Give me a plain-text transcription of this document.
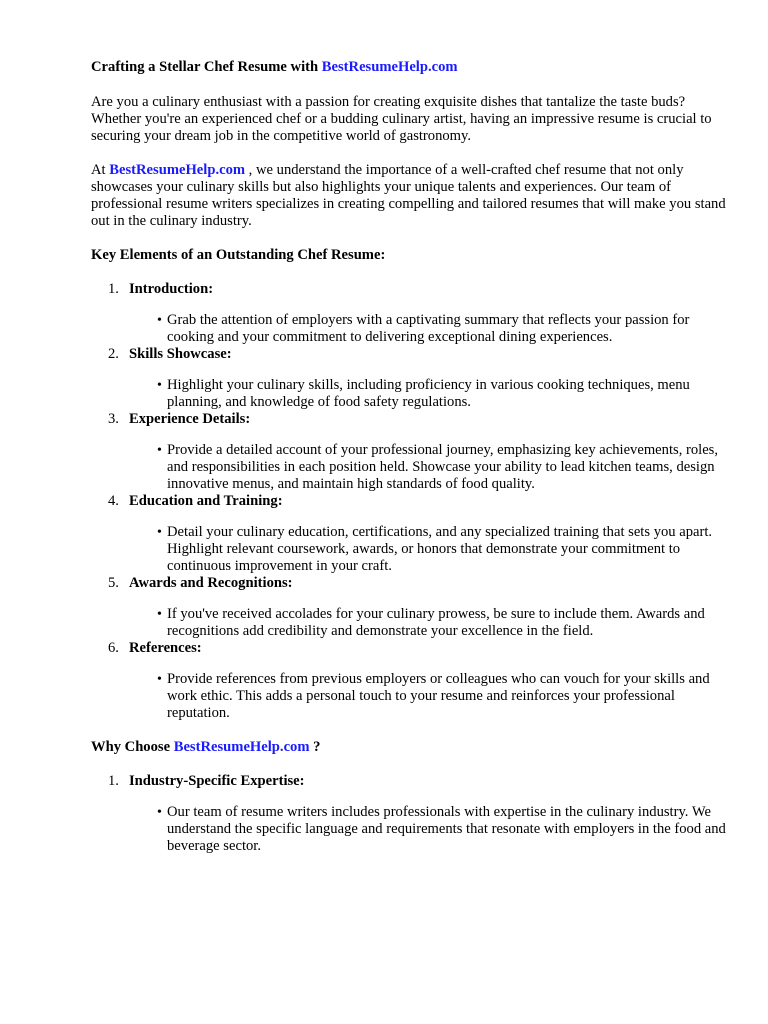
Crafting a Stellar Chef Resume with BestResumeHelp.com

Are you a culinary enthusiast with a passion for creating exquisite dishes that tantalize the taste buds? Whether you're an experienced chef or a budding culinary artist, having an impressive resume is crucial to securing your dream job in the competitive world of gastronomy.

At BestResumeHelp.com , we understand the importance of a well-crafted chef resume that not only showcases your culinary skills but also highlights your unique talents and experiences. Our team of professional resume writers specializes in creating compelling and tailored resumes that will make you stand out in the culinary industry.

Key Elements of an Outstanding Chef Resume:

1. Introduction:
• Grab the attention of employers with a captivating summary that reflects your passion for cooking and your commitment to delivering exceptional dining experiences.
2. Skills Showcase:
• Highlight your culinary skills, including proficiency in various cooking techniques, menu planning, and knowledge of food safety regulations.
3. Experience Details:
• Provide a detailed account of your professional journey, emphasizing key achievements, roles, and responsibilities in each position held. Showcase your ability to lead kitchen teams, design innovative menus, and maintain high standards of food quality.
4. Education and Training:
• Detail your culinary education, certifications, and any specialized training that sets you apart. Highlight relevant coursework, awards, or honors that demonstrate your commitment to continuous improvement in your craft.
5. Awards and Recognitions:
• If you've received accolades for your culinary prowess, be sure to include them. Awards and recognitions add credibility and demonstrate your excellence in the field.
6. References:
• Provide references from previous employers or colleagues who can vouch for your skills and work ethic. This adds a personal touch to your resume and reinforces your professional reputation.

Why Choose BestResumeHelp.com ?

1. Industry-Specific Expertise:
• Our team of resume writers includes professionals with expertise in the culinary industry. We understand the specific language and requirements that resonate with employers in the food and beverage sector.
